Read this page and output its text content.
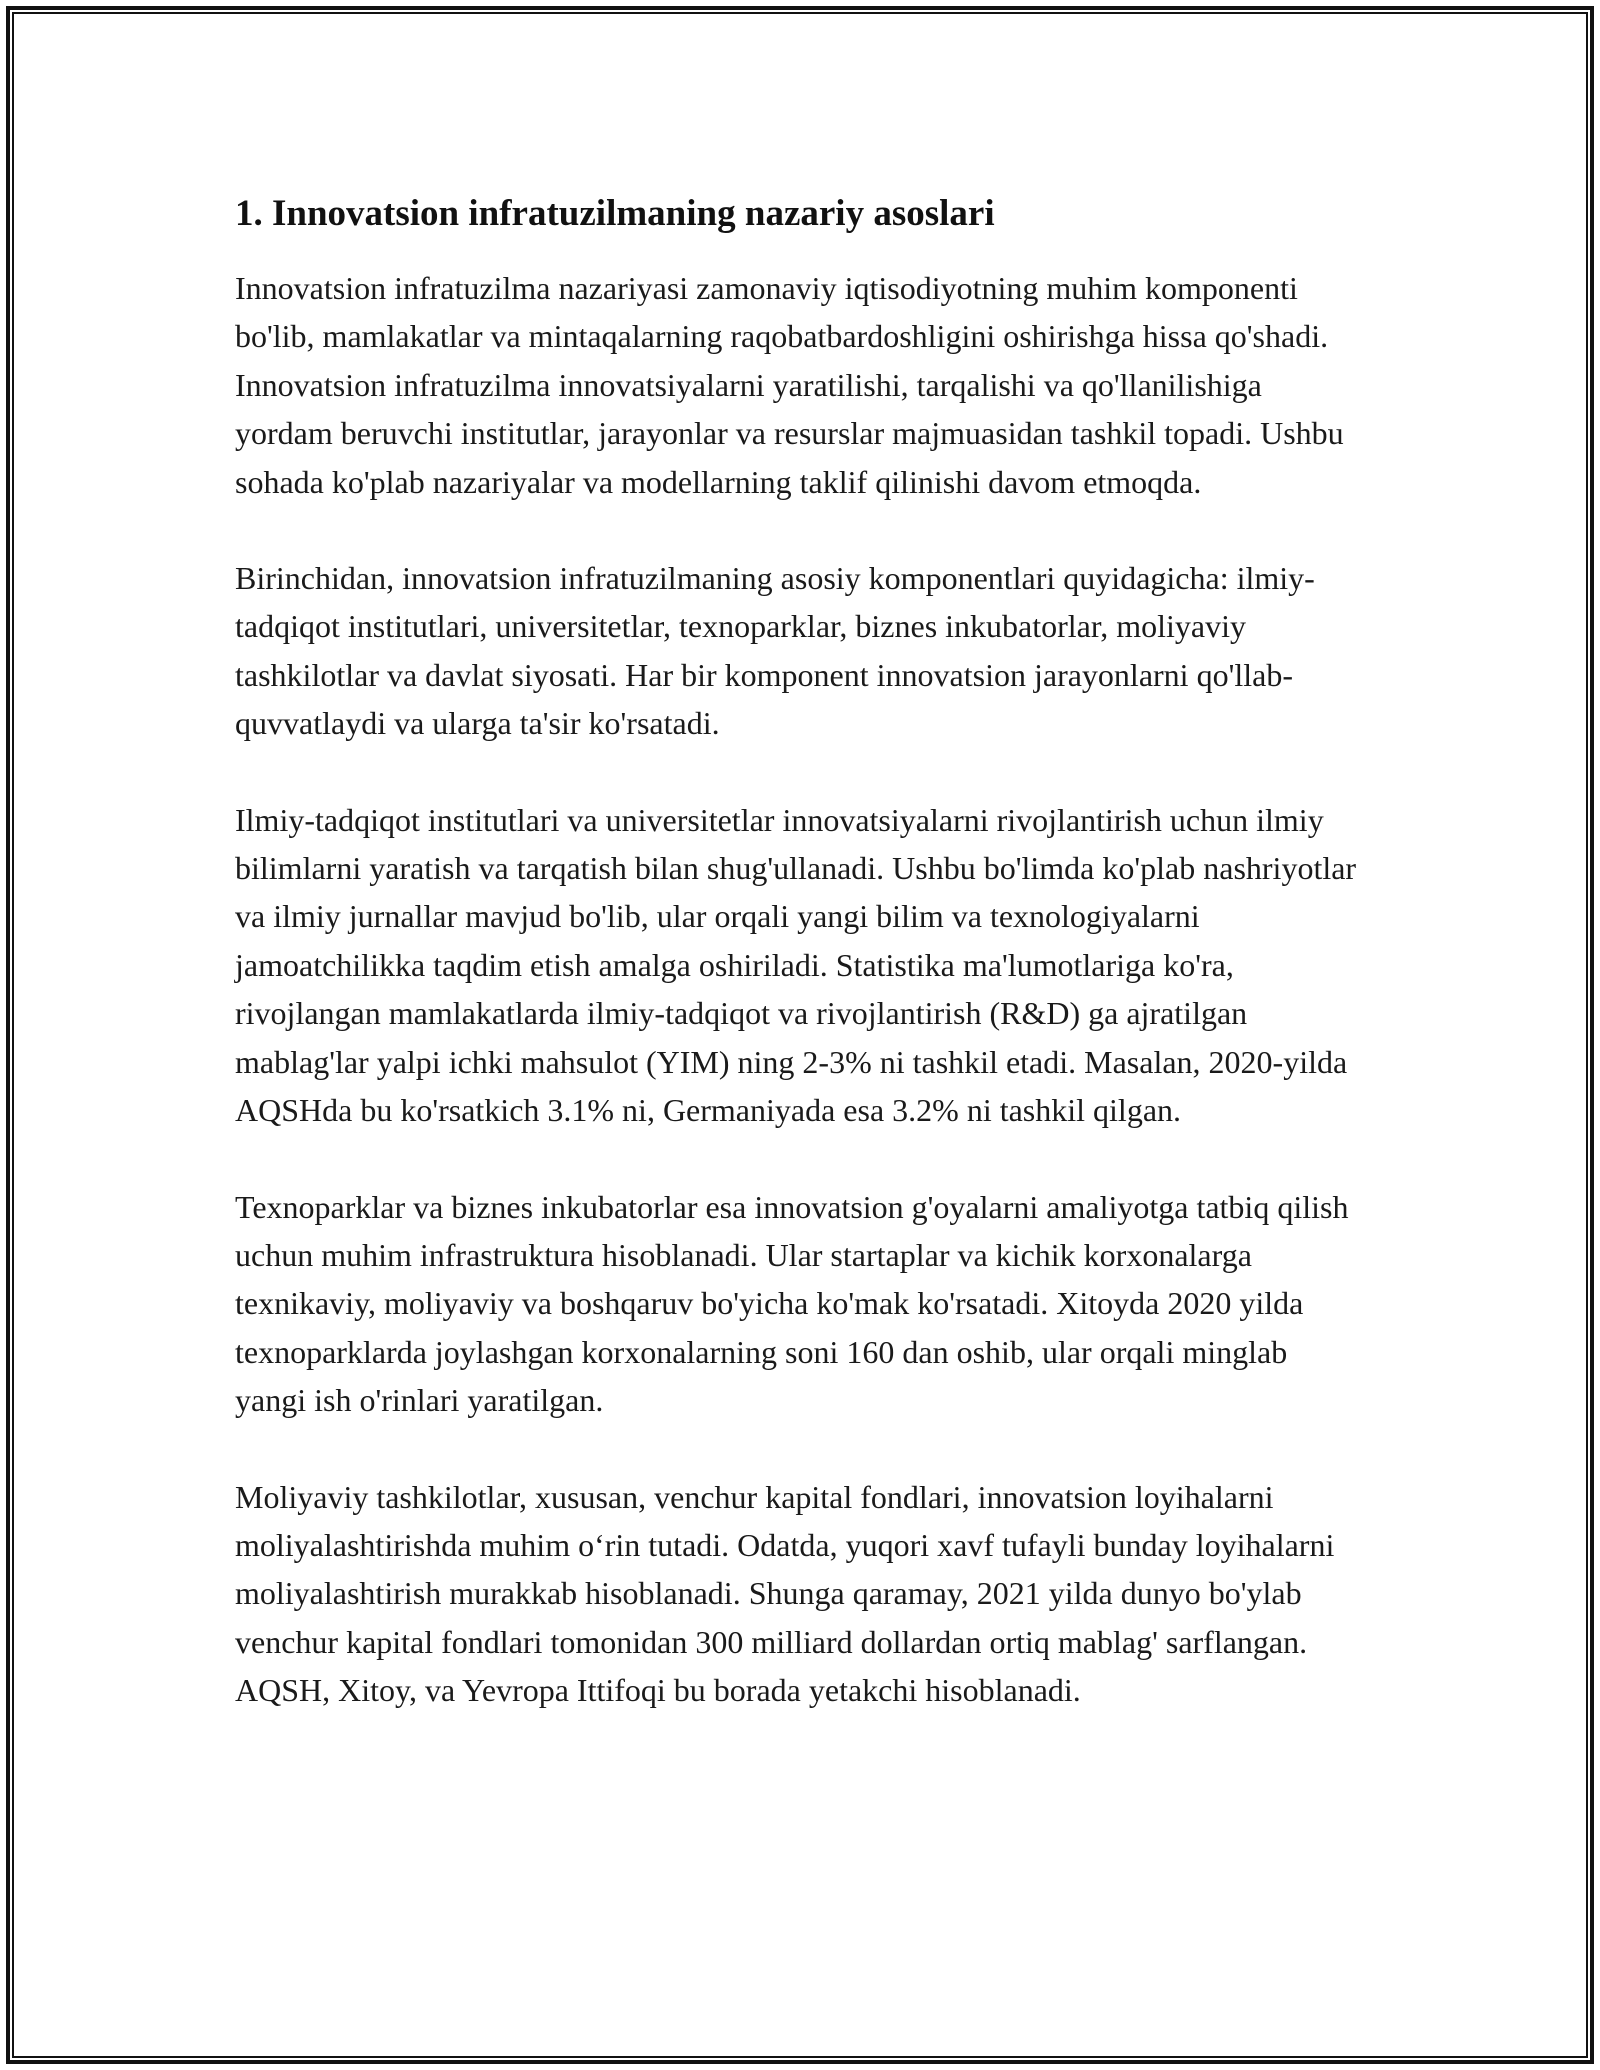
1. Innovatsion infratuzilmaning nazariy asoslari

Innovatsion infratuzilma nazariyasi zamonaviy iqtisodiyotning muhim komponenti bo'lib, mamlakatlar va mintaqalarning raqobatbardoshligini oshirishga hissa qo'shadi. Innovatsion infratuzilma innovatsiyalarni yaratilishi, tarqalishi va qo'llanilishiga yordam beruvchi institutlar, jarayonlar va resurslar majmuasidan tashkil topadi. Ushbu sohada ko'plab nazariyalar va modellarning taklif qilinishi davom etmoqda.

Birinchidan, innovatsion infratuzilmaning asosiy komponentlari quyidagicha: ilmiy-tadqiqot institutlari, universitetlar, texnoparklar, biznes inkubatorlar, moliyaviy tashkilotlar va davlat siyosati. Har bir komponent innovatsion jarayonlarni qo'llab-quvvatlaydi va ularga ta'sir ko'rsatadi.

Ilmiy-tadqiqot institutlari va universitetlar innovatsiyalarni rivojlantirish uchun ilmiy bilimlarni yaratish va tarqatish bilan shug'ullanadi. Ushbu bo'limda ko'plab nashriyotlar va ilmiy jurnallar mavjud bo'lib, ular orqali yangi bilim va texnologiyalarni jamoatchilikka taqdim etish amalga oshiriladi. Statistika ma'lumotlariga ko'ra, rivojlangan mamlakatlarda ilmiy-tadqiqot va rivojlantirish (R&D) ga ajratilgan mablag'lar yalpi ichki mahsulot (YIM) ning 2-3% ni tashkil etadi. Masalan, 2020-yilda AQSHda bu ko'rsatkich 3.1% ni, Germaniyada esa 3.2% ni tashkil qilgan.

Texnoparklar va biznes inkubatorlar esa innovatsion g'oyalarni amaliyotga tatbiq qilish uchun muhim infrastruktura hisoblanadi. Ular startaplar va kichik korxonalarga texnikaviy, moliyaviy va boshqaruv bo'yicha ko'mak ko'rsatadi. Xitoyda 2020 yilda texnoparklarda joylashgan korxonalarning soni 160 dan oshib, ular orqali minglab yangi ish o'rinlari yaratilgan.

Moliyaviy tashkilotlar, xususan, venchur kapital fondlari, innovatsion loyihalarni moliyalashtirishda muhim o‘rin tutadi. Odatda, yuqori xavf tufayli bunday loyihalarni moliyalashtirish murakkab hisoblanadi. Shunga qaramay, 2021 yilda dunyo bo'ylab venchur kapital fondlari tomonidan 300 milliard dollardan ortiq mablag' sarflangan. AQSH, Xitoy, va Yevropa Ittifoqi bu borada yetakchi hisoblanadi.
